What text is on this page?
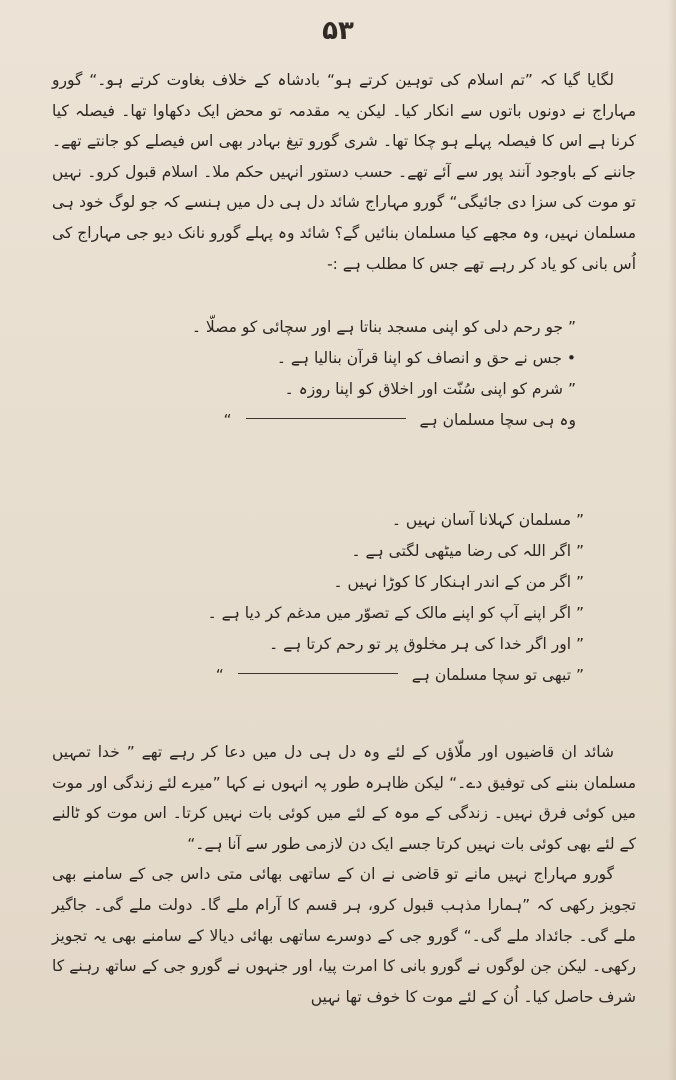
۵۳

لگایا گیا کہ ”تم اسلام کی توہین کرتے ہو“ بادشاہ کے خلاف بغاوت کرتے ہو۔“ گورو مہاراج نے دونوں باتوں سے انکار کیا۔ لیکن یہ مقدمہ تو محض ایک دکھاوا تھا۔ فیصلہ کیا کرنا ہے اس کا فیصلہ پہلے ہو چکا تھا۔ شری گورو تیغ بہادر بھی اس فیصلے کو جانتے تھے۔ جاننے کے باوجود آنند پور سے آئے تھے۔ حسب دستور انہیں حکم ملا۔ اسلام قبول کرو۔ نہیں تو موت کی سزا دی جائیگی“ گورو مہاراج شائد دل ہی دل میں ہنسے کہ جو لوگ خود ہی مسلمان نہیں، وہ مجھے کیا مسلمان بنائیں گے؟ شائد وہ پہلے گورو نانک دیو جی مہاراج کی اُس بانی کو یاد کر رہے تھے جس کا مطلب ہے :-

” جو رحم دلی کو اپنی مسجد بناتا ہے اور سچائی کو مصلّا ۔
• جس نے حق و انصاف کو اپنا قرآن بنالیا ہے ۔
” شرم کو اپنی سُنّت اور اخلاق کو اپنا روزہ ۔
وہ ہی سچا مسلمان ہے
“
” مسلمان کہلانا آسان نہیں ۔
” اگر اللہ کی رضا میٹھی لگتی ہے ۔
” اگر من کے اندر اہنکار کا کوڑا نہیں ۔
” اگر اپنے آپ کو اپنے مالک کے تصوّر میں مدغم کر دیا ہے ۔
” اور اگر خدا کی ہر مخلوق پر تو رحم کرتا ہے ۔
” تبھی تو سچا مسلمان ہے
“

شائد ان قاضیوں اور ملّاؤں کے لئے وہ دل ہی دل میں دعا کر رہے تھے ” خدا تمہیں مسلمان بننے کی توفیق دے۔“ لیکن ظاہرہ طور پہ انہوں نے کہا ”میرے لئے زندگی اور موت میں کوئی فرق نہیں۔ زندگی کے موہ کے لئے میں کوئی بات نہیں کرتا۔ اس موت کو ٹالنے کے لئے بھی کوئی بات نہیں کرتا جسے ایک دن لازمی طور سے آنا ہے۔“

گورو مہاراج نہیں مانے تو قاضی نے ان کے ساتھی بھائی متی داس جی کے سامنے بھی تجویز رکھی کہ ”ہمارا مذہب قبول کرو، ہر قسم کا آرام ملے گا۔ دولت ملے گی۔ جاگیر ملے گی۔ جائداد ملے گی۔“ گورو جی کے دوسرے ساتھی بھائی دیالا کے سامنے بھی یہ تجویز رکھی۔ لیکن جن لوگوں نے گورو بانی کا امرت پیا، اور جنہوں نے گورو جی کے ساتھ رہنے کا شرف حاصل کیا۔ اُن کے لئے موت کا خوف تھا نہیں
